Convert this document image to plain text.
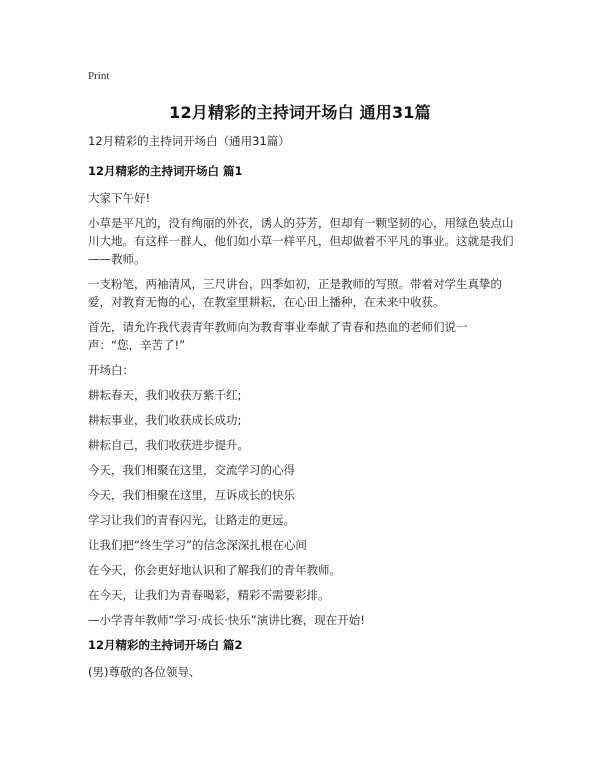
Print
12月精彩的主持词开场白 通用31篇
12月精彩的主持词开场白（通用31篇）
12月精彩的主持词开场白 篇1
大家下午好!
小草是平凡的，没有绚丽的外衣，诱人的芬芳，但却有一颗坚韧的心，用绿色装点山川大地。有这样一群人，他们如小草一样平凡，但却做着不平凡的事业。这就是我们——教师。
一支粉笔，两袖清风，三尺讲台，四季如初，正是教师的写照。带着对学生真挚的爱，对教育无悔的心，在教室里耕耘，在心田上播种，在未来中收获。
首先，请允许我代表青年教师向为教育事业奉献了青春和热血的老师们说一声：“您，辛苦了!”
开场白：
耕耘春天，我们收获万紫千红;
耕耘事业，我们收获成长成功;
耕耘自己，我们收获进步提升。
今天，我们相聚在这里，交流学习的心得
今天，我们相聚在这里，互诉成长的快乐
学习让我们的青春闪光，让路走的更远。
让我们把“终生学习”的信念深深扎根在心间
在今天，你会更好地认识和了解我们的青年教师。
在今天，让我们为青春喝彩，精彩不需要彩排。
—小学青年教师“学习·成长·快乐”演讲比赛，现在开始!
12月精彩的主持词开场白 篇2
(男)尊敬的各位领导、
